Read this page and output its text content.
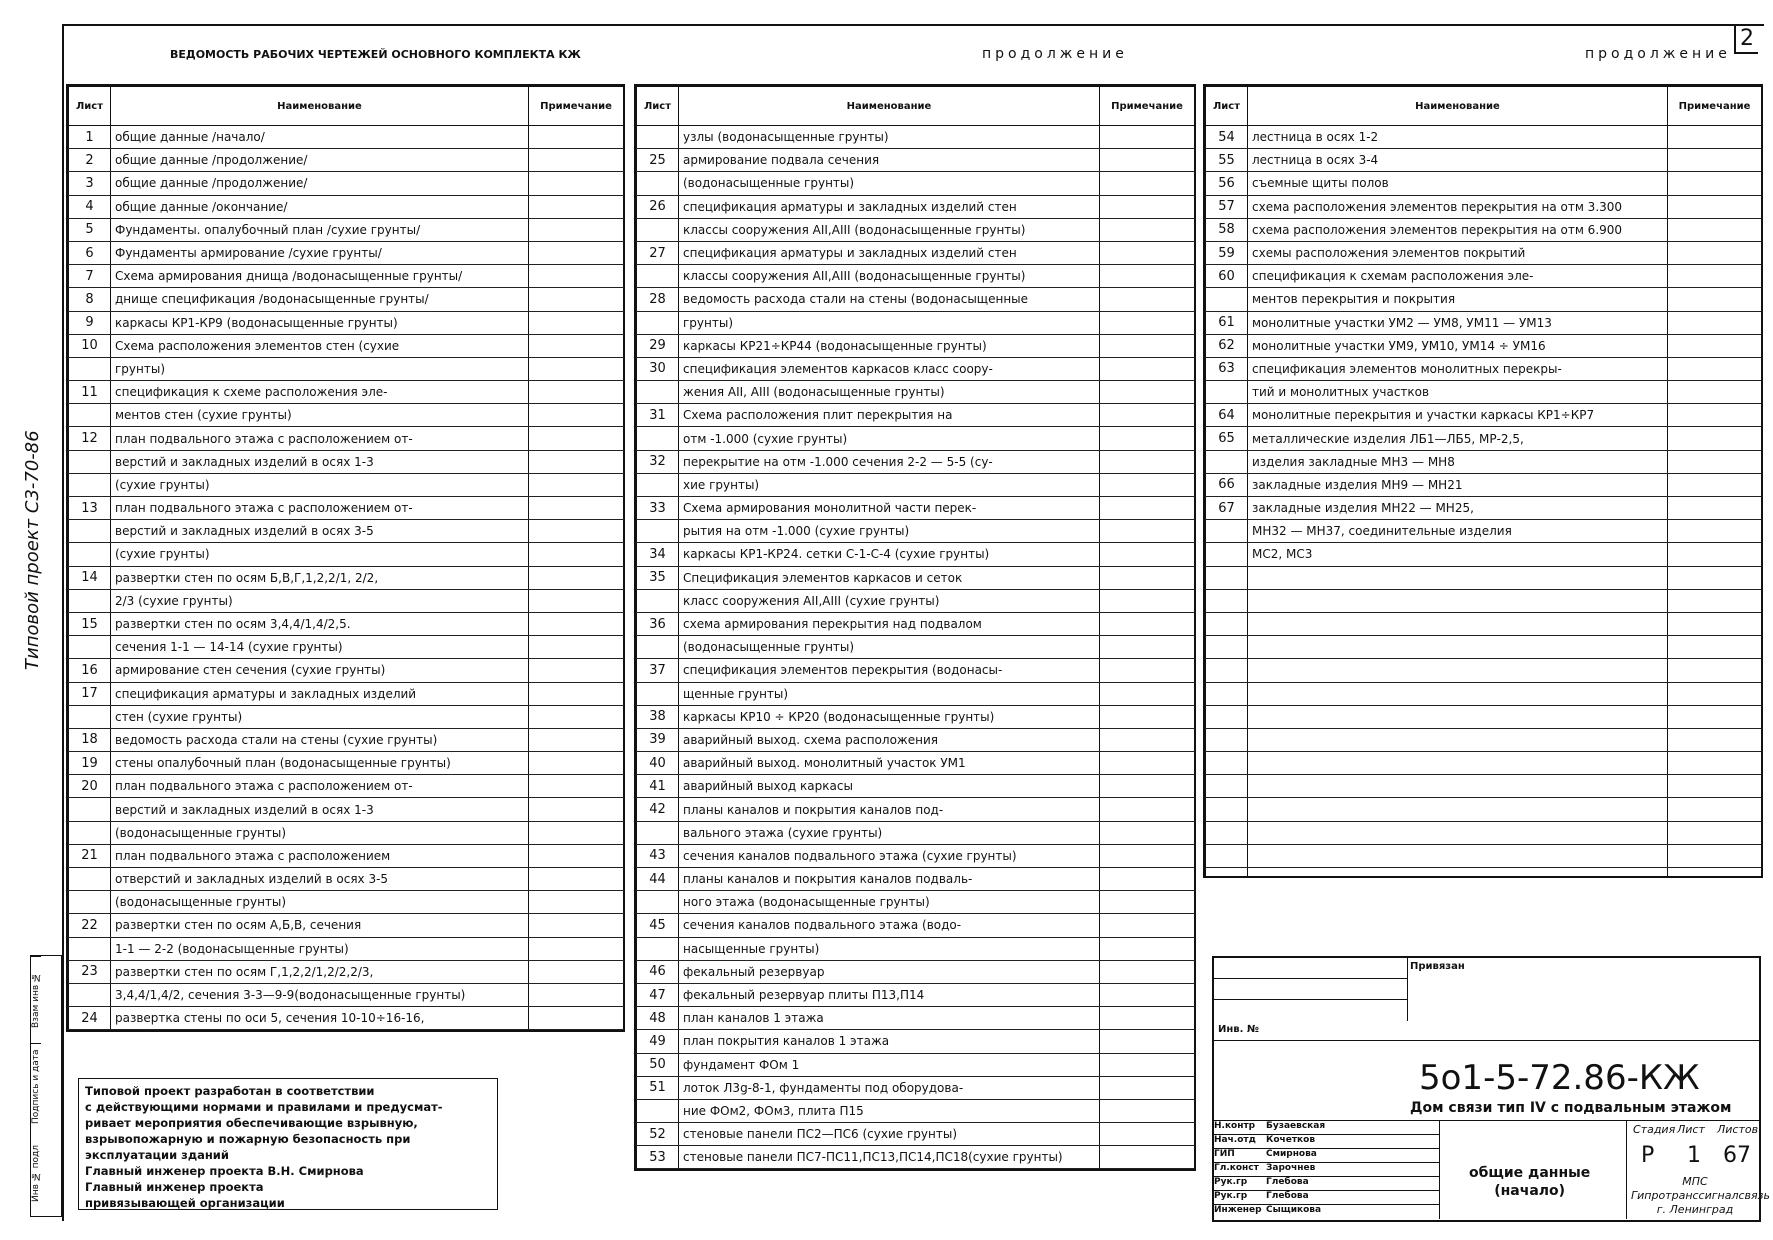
2
ВЕДОМОСТЬ РАБОЧИХ ЧЕРТЕЖЕЙ ОСНОВНОГО КОМПЛЕКТА КЖ	продолжение	продолжение
Лист	Наименование	Примечание
1	общие данные /начало/	
2	общие данные /продолжение/	
3	общие данные /продолжение/	
4	общие данные /окончание/	
5	Фундаменты. опалубочный план /сухие грунты/	
6	Фундаменты армирование /сухие грунты/	
7	Схема армирования днища /водонасыщенные грунты/	
8	днище спецификация /водонасыщенные грунты/	
9	каркасы КР1-КР9 (водонасыщенные грунты)	
10	Схема расположения элементов стен (сухие	
	грунты)	
11	спецификация к схеме расположения эле-	
	ментов стен (сухие грунты)	
12	план подвального этажа с расположением от-	
	верстий и закладных изделий в осях 1-3	
	(сухие грунты)	
13	план подвального этажа с расположением от-	
	верстий и закладных изделий в осях 3-5	
	(сухие грунты)	
14	развертки стен по осям Б,В,Г,1,2,2/1, 2/2,	
	2/3 (сухие грунты)	
15	развертки стен по осям 3,4,4/1,4/2,5.	
	сечения 1-1 — 14-14 (сухие грунты)	
16	армирование стен сечения (сухие грунты)	
17	спецификация арматуры и закладных изделий	
	стен (сухие грунты)	
18	ведомость расхода стали на стены (сухие грунты)	
19	стены опалубочный план (водонасыщенные грунты)	
20	план подвального этажа с расположением от-	
	верстий и закладных изделий в осях 1-3	
	(водонасыщенные грунты)	
21	план подвального этажа с расположением	
	отверстий и закладных изделий в осях 3-5	
	(водонасыщенные грунты)	
22	развертки стен по осям А,Б,В, сечения	
	1-1 — 2-2 (водонасыщенные грунты)	
23	развертки стен по осям Г,1,2,2/1,2/2,2/3,	
	3,4,4/1,4/2, сечения 3-3—9-9(водонасыщенные грунты)	
24	развертка стены по оси 5, сечения 10-10÷16-16,	
Лист	Наименование	Примечание
	узлы (водонасыщенные грунты)	
25	армирование подвала сечения	
	(водонасыщенные грунты)	
26	спецификация арматуры и закладных изделий стен	
	классы сооружения АII,АIII (водонасыщенные грунты)	
27	спецификация арматуры и закладных изделий стен	
	классы сооружения АII,АIII (водонасыщенные грунты)	
28	ведомость расхода стали на стены (водонасыщенные	
	грунты)	
29	каркасы КР21÷КР44 (водонасыщенные грунты)	
30	спецификация элементов каркасов класс соору-	
	жения АII, АIII (водонасыщенные грунты)	
31	Схема расположения плит перекрытия на	
	отм -1.000 (сухие грунты)	
32	перекрытие на отм -1.000 сечения 2-2 — 5-5 (су-	
	хие грунты)	
33	Схема армирования монолитной части перек-	
	рытия на отм -1.000 (сухие грунты)	
34	каркасы КР1-КР24. сетки С-1-С-4 (сухие грунты)	
35	Спецификация элементов каркасов и сеток	
	класс сооружения АII,АIII (сухие грунты)	
36	схема армирования перекрытия над подвалом	
	(водонасыщенные грунты)	
37	спецификация элементов перекрытия (водонасы-	
	щенные грунты)	
38	каркасы КР10 ÷ КР20 (водонасыщенные грунты)	
39	аварийный выход. схема расположения	
40	аварийный выход. монолитный участок УМ1	
41	аварийный выход каркасы	
42	планы каналов и покрытия каналов под-	
	вального этажа (сухие грунты)	
43	сечения каналов подвального этажа (сухие грунты)	
44	планы каналов и покрытия каналов подваль-	
	ного этажа (водонасыщенные грунты)	
45	сечения каналов подвального этажа (водо-	
	насыщенные грунты)	
46	фекальный резервуар	
47	фекальный резервуар плиты П13,П14	
48	план каналов 1 этажа	
49	план покрытия каналов 1 этажа	
50	фундамент ФОм 1	
51	лоток Л3g-8-1, фундаменты под оборудова-	
	ние ФОм2, ФОм3, плита П15	
52	стеновые панели ПС2—ПС6 (сухие грунты)	
53	стеновые панели ПС7-ПС11,ПС13,ПС14,ПС18(сухие грунты)	
Лист	Наименование	Примечание
54	лестница в осях 1-2	
55	лестница в осях 3-4	
56	съемные щиты полов	
57	схема расположения элементов перекрытия на отм 3.300	
58	схема расположения элементов перекрытия на отм 6.900	
59	схемы расположения элементов покрытий	
60	спецификация к схемам расположения эле-	
	ментов перекрытия и покрытия	
61	монолитные участки УМ2 — УМ8, УМ11 — УМ13	
62	монолитные участки УМ9, УМ10, УМ14 ÷ УМ16	
63	спецификация элементов монолитных перекры-	
	тий и монолитных участков	
64	монолитные перекрытия и участки каркасы КР1÷КР7	
65	металлические изделия ЛБ1—ЛБ5, МР-2,5,	
	изделия закладные МН3 — МН8	
66	закладные изделия МН9 — МН21	
67	закладные изделия МН22 — МН25,	
	МН32 — МН37, соединительные изделия	
	МС2, МС3	

Типовой проект С3-70-86
Взам инв №
Подпись и дата
Инв № подл
Типовой проект разработан в соответствии
с действующими нормами и правилами и предусмат-
ривает мероприятия обеспечивающие взрывную,
взрывопожарную и пожарную безопасность при
эксплуатации зданий
Главный инженер проекта В.Н. Смирнова
Главный инженер проекта
привязывающей организации
Привязан
Инв. №
5о1-5-72.86-КЖ
Дом связи тип IV с подвальным этажом
Н.контр Бузаевская
Нач.отд Кочетков
ГИП	Смирнова
Гл.конст Зарочнев
Рук.гр Глебова
Рук.гр Глебова
Инженер Сыщикова
общие данные
(начало)
Стадия Лист Листов
Р 1 67
МПС
Гипротранссигналсвязь
г. Ленинград
